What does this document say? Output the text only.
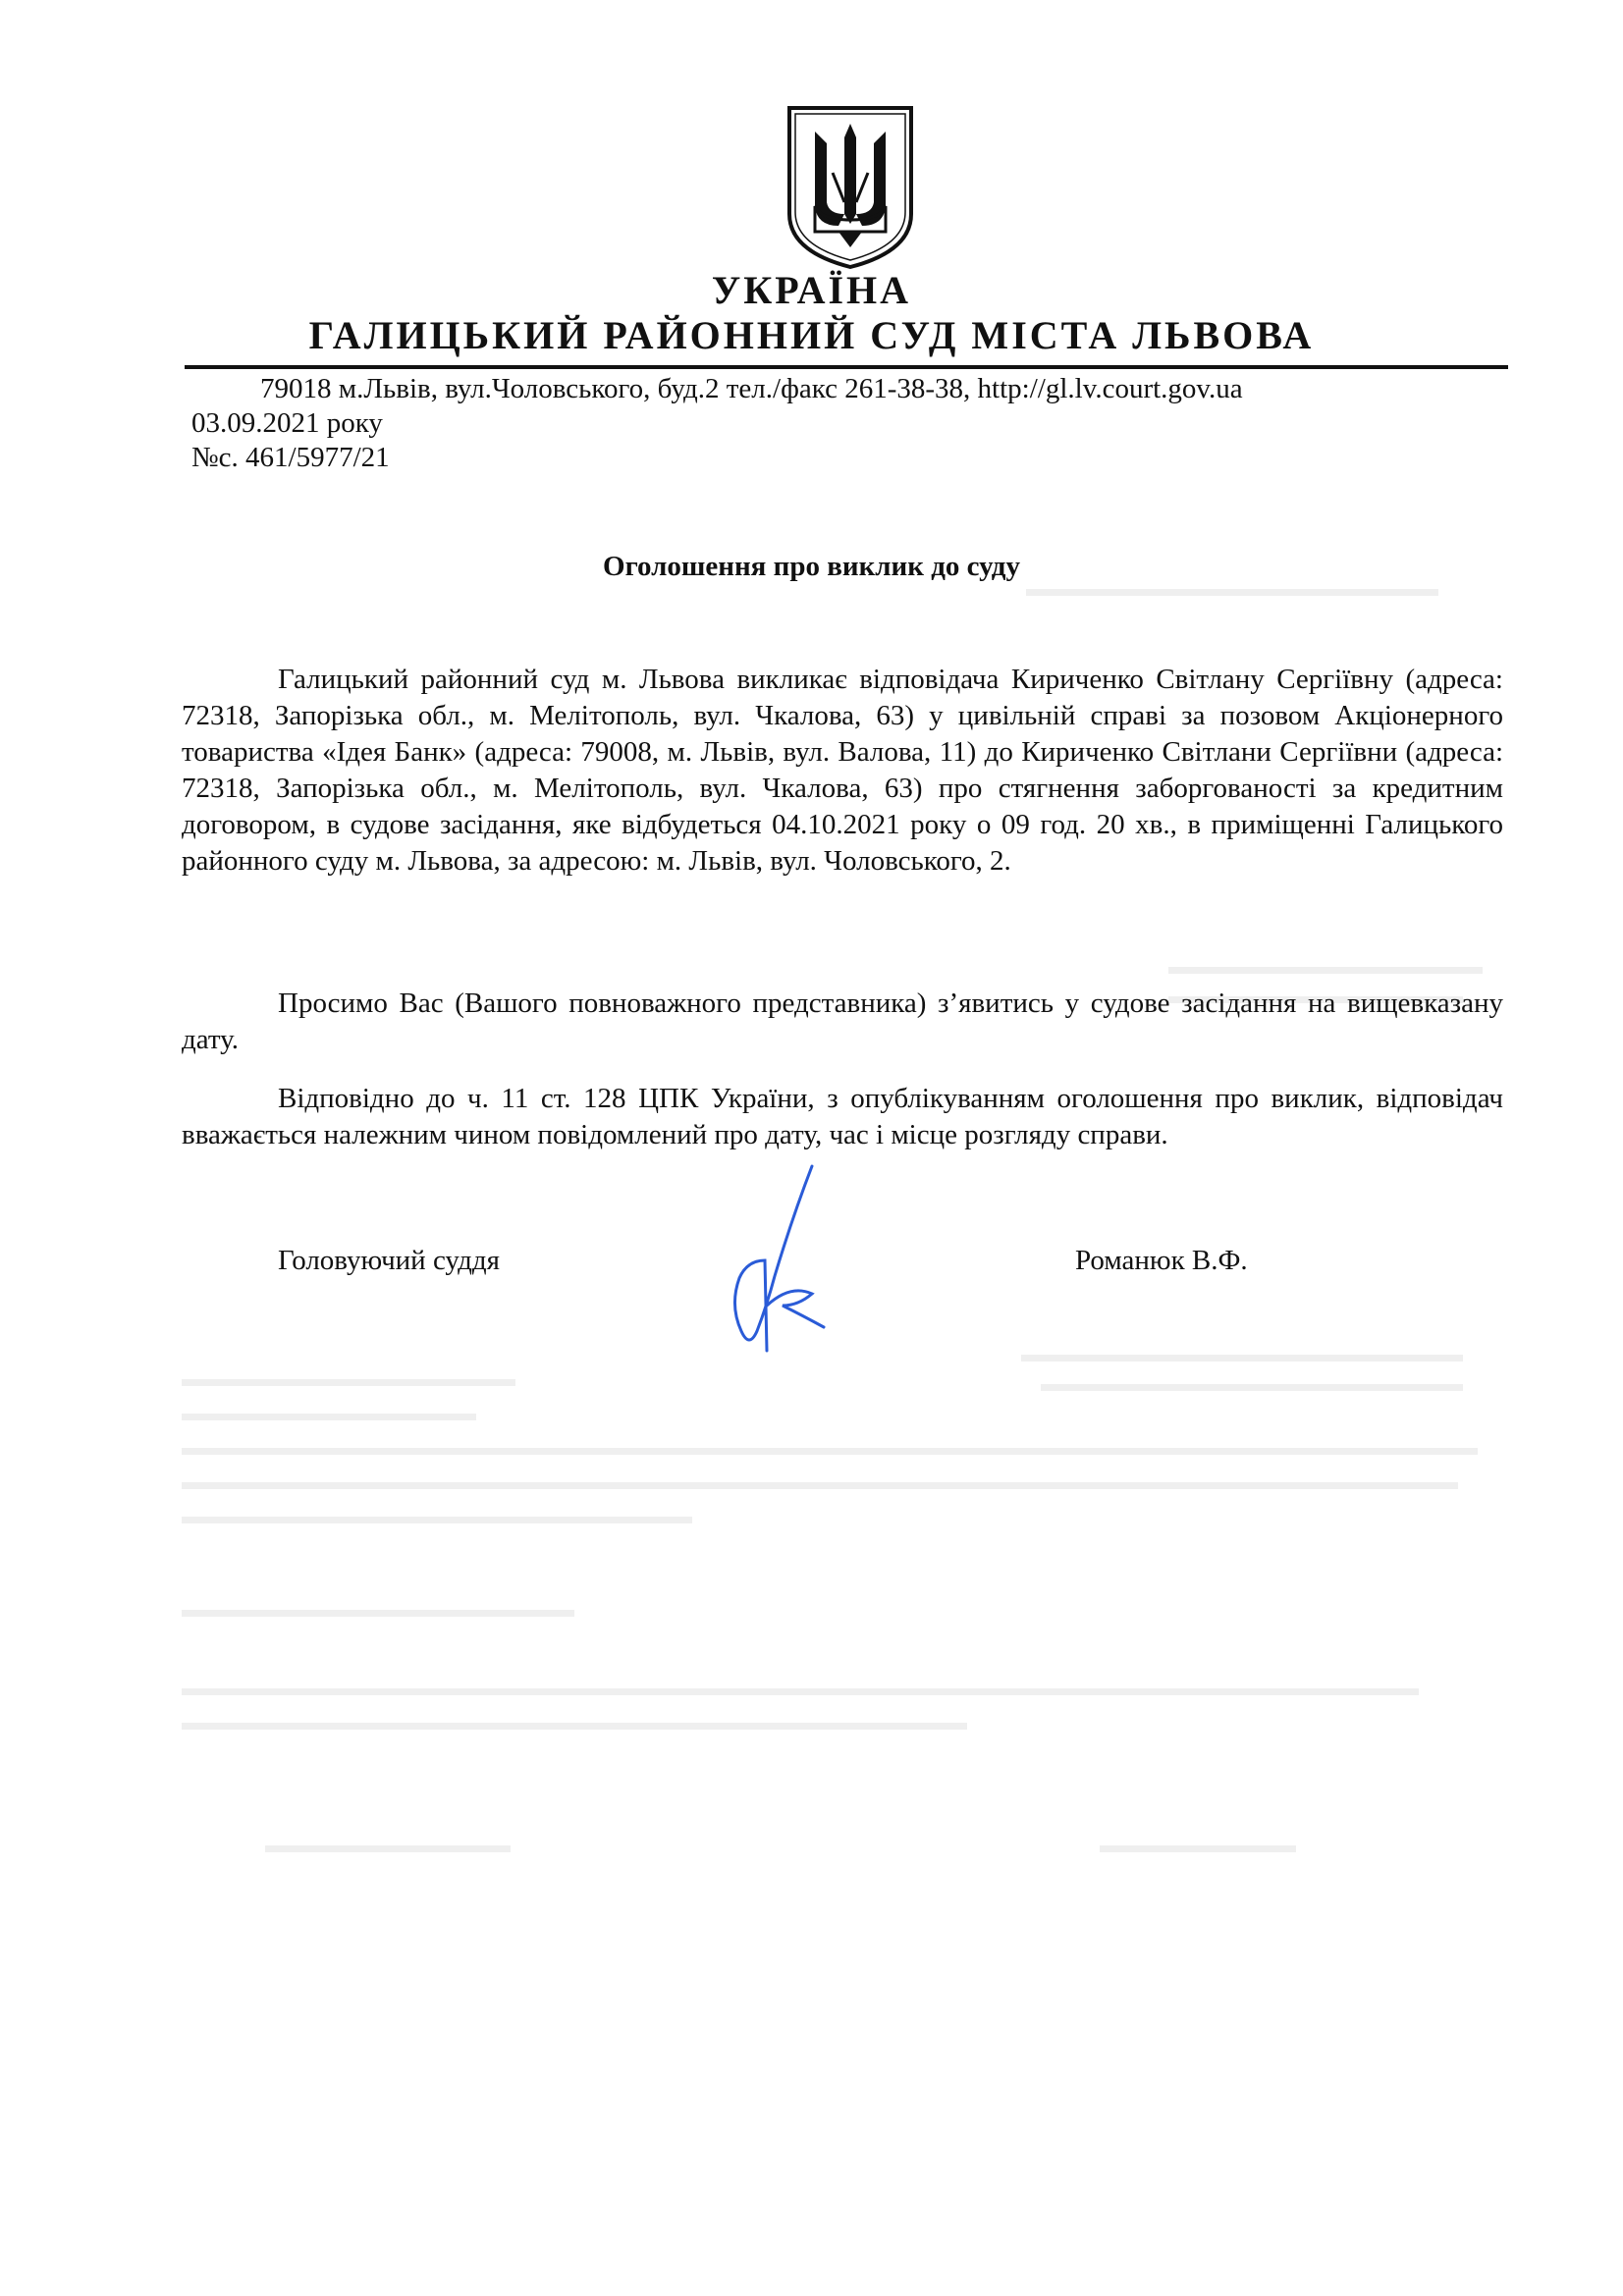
УКРАЇНА
ГАЛИЦЬКИЙ РАЙОННИЙ СУД МІСТА ЛЬВОВА
79018 м.Львів, вул.Чоловського, буд.2 тел./факс 261-38-38, http://gl.lv.court.gov.ua
03.09.2021 року
№с. 461/5977/21
Оголошення про виклик до суду

Галицький районний суд м. Львова викликає відповідача Кириченко Світлану Сергіївну (адреса: 72318, Запорізька обл., м. Мелітополь, вул. Чкалова, 63) у цивільній справі за позовом Акціонерного товариства «Ідея Банк» (адреса: 79008, м. Львів, вул. Валова, 11) до Кириченко Світлани Сергіївни (адреса: 72318, Запорізька обл., м. Мелітополь, вул. Чкалова, 63) про стягнення заборгованості за кредитним договором, в судове засідання, яке відбудеться 04.10.2021 року о 09 год. 20 хв., в приміщенні Галицького районного суду м. Львова, за адресою: м. Львів, вул. Чоловського, 2.

Просимо Вас (Вашого повноважного представника) з’явитись у судове засідання на вищевказану дату.

Відповідно до ч. 11 ст. 128 ЦПК України, з опублікуванням оголошення про виклик, відповідач вважається належним чином повідомлений про дату, час і місце розгляду справи.

Головуючий суддя	Романюк В.Ф.
